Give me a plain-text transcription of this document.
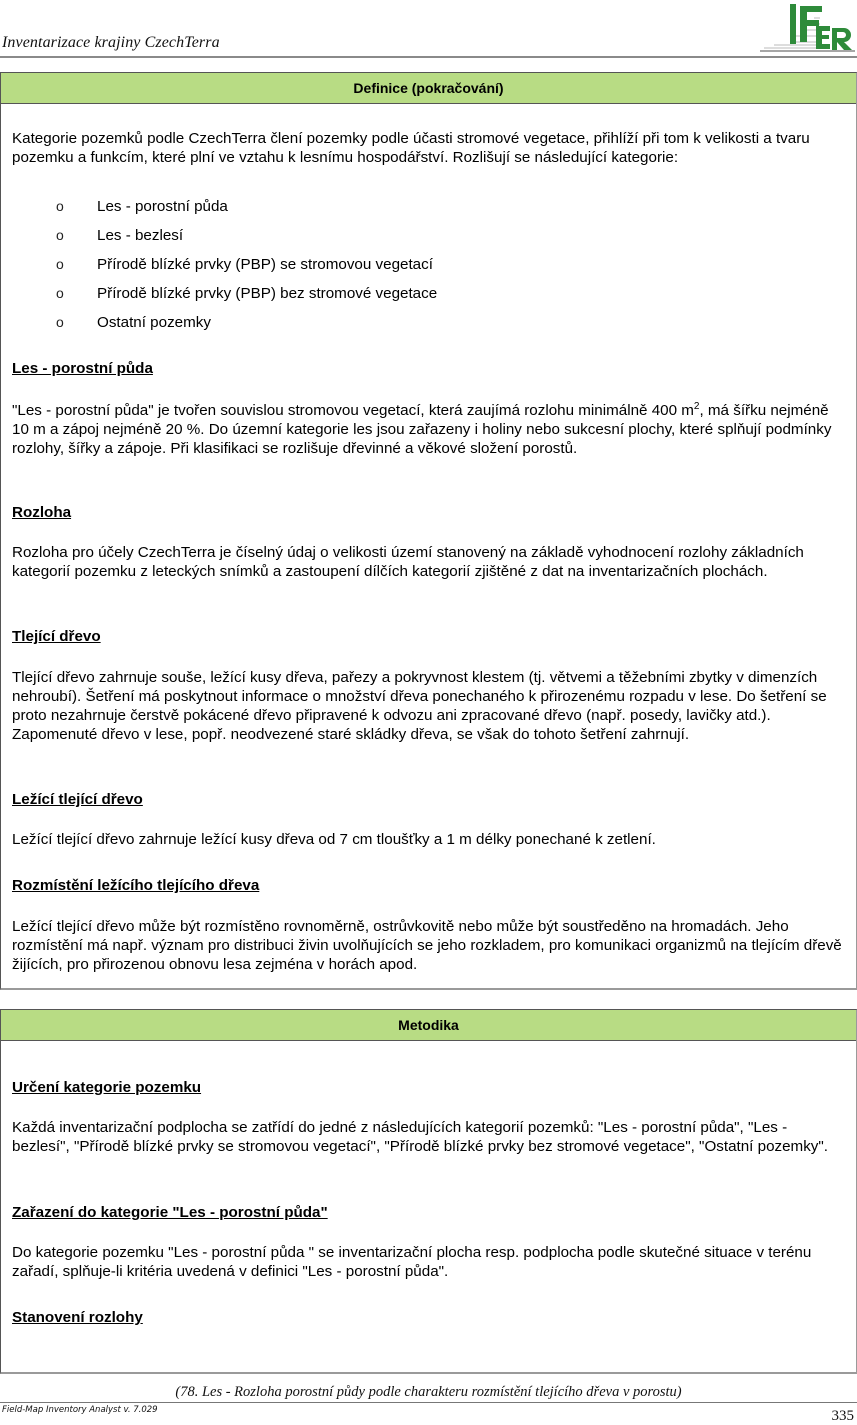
Inventarizace krajiny CzechTerra
Definice (pokračování)

Kategorie pozemků podle CzechTerra člení pozemky podle účasti stromové vegetace, přihlíží při tom k velikosti a tvaru pozemku a funkcím, které plní ve vztahu k lesnímu hospodářství. Rozlišují se následující kategorie:

o	Les - porostní půda
o	Les - bezlesí
o	Přírodě blízké prvky (PBP) se stromovou vegetací
o	Přírodě blízké prvky (PBP) bez stromové vegetace
o	Ostatní pozemky

Les - porostní půda

"Les - porostní půda" je tvořen souvislou stromovou vegetací, která zaujímá rozlohu minimálně 400 $m^2$, má šířku nejméně 10 m a zápoj nejméně 20 %. Do územní kategorie les jsou zařazeny i holiny nebo sukcesní plochy, které splňují podmínky rozlohy, šířky a zápoje. Při klasifikaci se rozlišuje dřevinné a věkové složení porostů.

Rozloha

Rozloha pro účely CzechTerra je číselný údaj o velikosti území stanovený na základě vyhodnocení rozlohy základních kategorií pozemku z leteckých snímků a zastoupení dílčích kategorií zjištěné z dat na inventarizačních plochách.

Tlející dřevo

Tlející dřevo zahrnuje souše, ležící kusy dřeva, pařezy a pokryvnost klestem (tj. větvemi a těžebními zbytky v dimenzích nehroubí). Šetření má poskytnout informace o množství dřeva ponechaného k přirozenému rozpadu v lese. Do šetření se proto nezahrnuje čerstvě pokácené dřevo připravené k odvozu ani zpracované dřevo (např. posedy, lavičky atd.). Zapomenuté dřevo v lese, popř. neodvezené staré skládky dřeva, se však do tohoto šetření zahrnují.

Ležící tlející dřevo

Ležící tlející dřevo zahrnuje ležící kusy dřeva od 7 cm tloušťky a 1 m délky ponechané k zetlení.

Rozmístění ležícího tlejícího dřeva

Ležící tlející dřevo může být rozmístěno rovnoměrně, ostrůvkovitě nebo může být soustředěno na hromadách. Jeho rozmístění má např. význam pro distribuci živin uvolňujících se jeho rozkladem, pro komunikaci organizmů na tlejícím dřevě žijících, pro přirozenou obnovu lesa zejména v horách apod.

Metodika

Určení kategorie pozemku

Každá inventarizační podplocha se zatřídí do jedné z následujících kategorií pozemků: "Les - porostní půda", "Les - bezlesí", "Přírodě blízké prvky se stromovou vegetací", "Přírodě blízké prvky bez stromové vegetace", "Ostatní pozemky".

Zařazení do kategorie "Les - porostní půda"

Do kategorie pozemku "Les - porostní půda " se inventarizační plocha resp. podplocha podle skutečné situace v terénu zařadí, splňuje-li kritéria uvedená v definici "Les - porostní půda".

Stanovení rozlohy

(78. Les - Rozloha porostní půdy podle charakteru rozmístění tlejícího dřeva v porostu)
Field-Map Inventory Analyst v. 7.029	335
